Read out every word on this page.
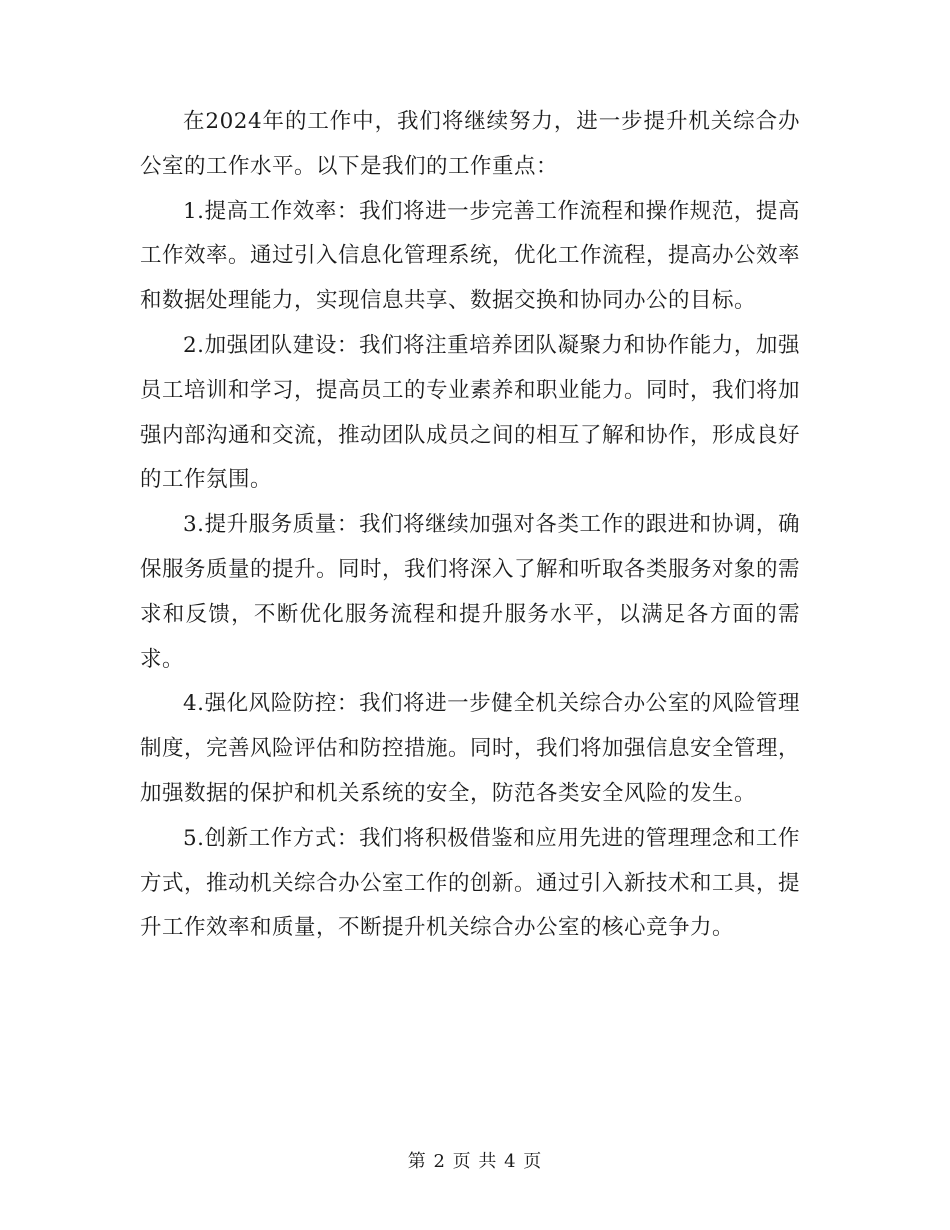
在2024年的工作中，我们将继续努力，进一步提升机关综合办公室的工作水平。以下是我们的工作重点：

1.提高工作效率：我们将进一步完善工作流程和操作规范，提高工作效率。通过引入信息化管理系统，优化工作流程，提高办公效率和数据处理能力，实现信息共享、数据交换和协同办公的目标。

2.加强团队建设：我们将注重培养团队凝聚力和协作能力，加强员工培训和学习，提高员工的专业素养和职业能力。同时，我们将加强内部沟通和交流，推动团队成员之间的相互了解和协作，形成良好的工作氛围。

3.提升服务质量：我们将继续加强对各类工作的跟进和协调，确保服务质量的提升。同时，我们将深入了解和听取各类服务对象的需求和反馈，不断优化服务流程和提升服务水平，以满足各方面的需求。

4.强化风险防控：我们将进一步健全机关综合办公室的风险管理制度，完善风险评估和防控措施。同时，我们将加强信息安全管理，加强数据的保护和机关系统的安全，防范各类安全风险的发生。

5.创新工作方式：我们将积极借鉴和应用先进的管理理念和工作方式，推动机关综合办公室工作的创新。通过引入新技术和工具，提升工作效率和质量，不断提升机关综合办公室的核心竞争力。

第 2 页 共 4 页
